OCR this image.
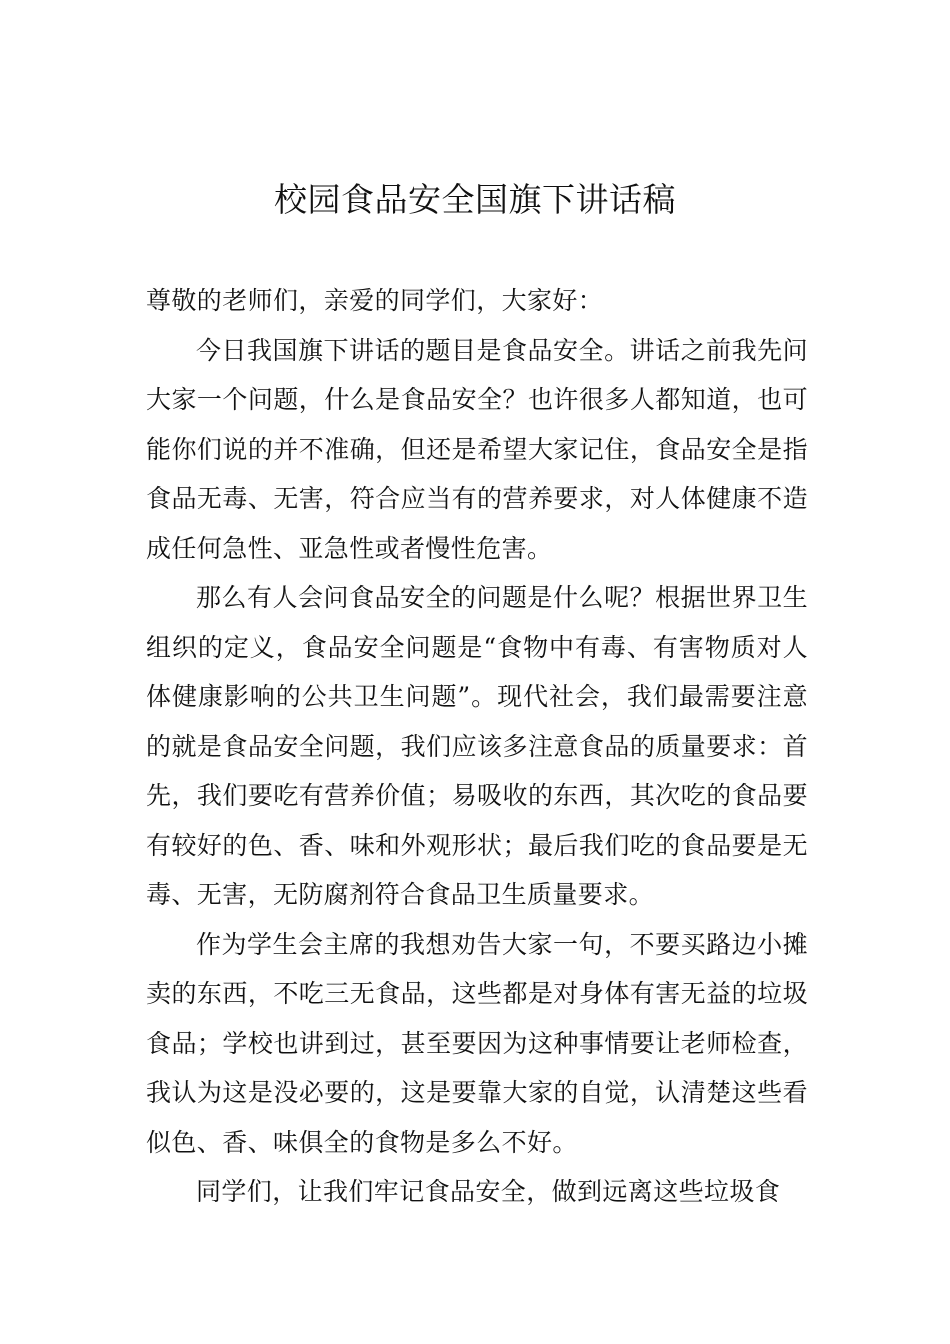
校园食品安全国旗下讲话稿

尊敬的老师们，亲爱的同学们，大家好：

今日我国旗下讲话的题目是食品安全。讲话之前我先问大家一个问题，什么是食品安全？也许很多人都知道，也可能你们说的并不准确，但还是希望大家记住，食品安全是指食品无毒、无害，符合应当有的营养要求，对人体健康不造成任何急性、亚急性或者慢性危害。

那么有人会问食品安全的问题是什么呢？根据世界卫生组织的定义，食品安全问题是“食物中有毒、有害物质对人体健康影响的公共卫生问题”。现代社会，我们最需要注意的就是食品安全问题，我们应该多注意食品的质量要求：首先，我们要吃有营养价值；易吸收的东西，其次吃的食品要有较好的色、香、味和外观形状；最后我们吃的食品要是无毒、无害，无防腐剂符合食品卫生质量要求。

作为学生会主席的我想劝告大家一句，不要买路边小摊卖的东西，不吃三无食品，这些都是对身体有害无益的垃圾食品；学校也讲到过，甚至要因为这种事情要让老师检查，我认为这是没必要的，这是要靠大家的自觉，认清楚这些看似色、香、味俱全的食物是多么不好。

同学们，让我们牢记食品安全，做到远离这些垃圾食
